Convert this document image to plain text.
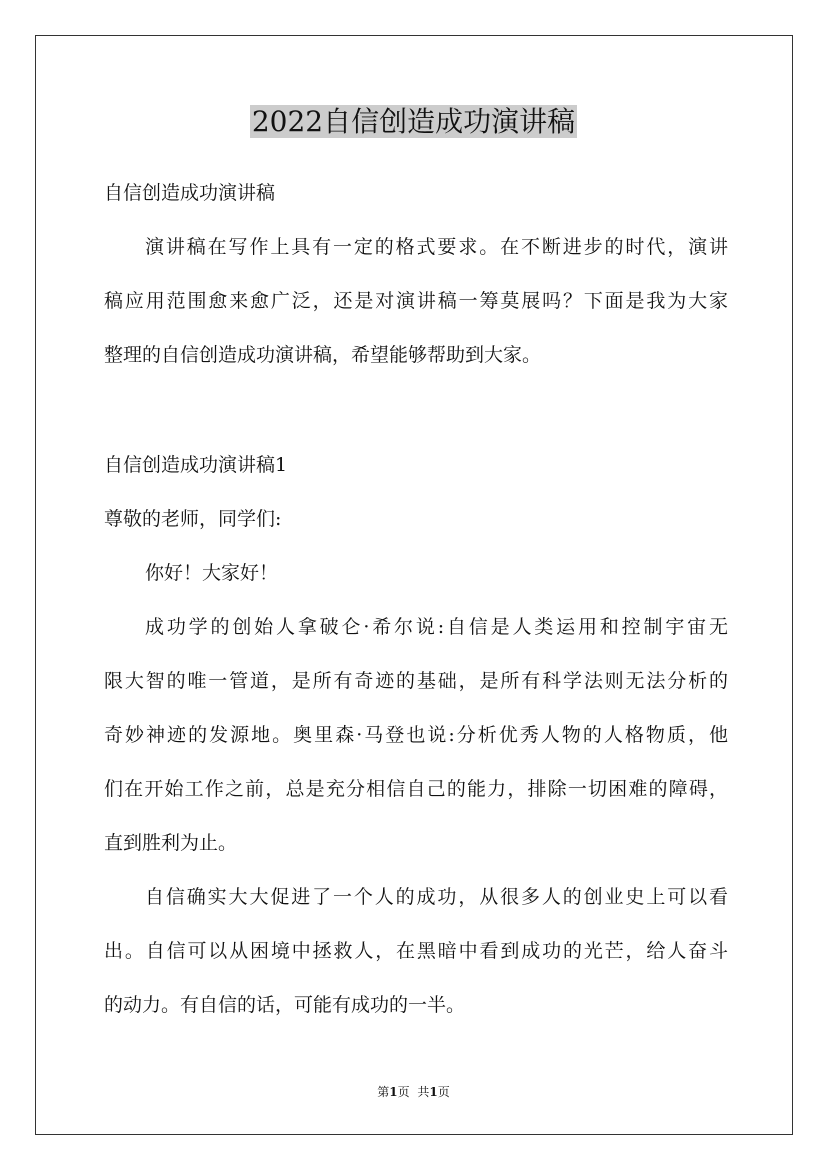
2022自信创造成功演讲稿

自信创造成功演讲稿

演讲稿在写作上具有一定的格式要求。在不断进步的时代，演讲

稿应用范围愈来愈广泛，还是对演讲稿一筹莫展吗？下面是我为大家

整理的自信创造成功演讲稿，希望能够帮助到大家。

自信创造成功演讲稿1

尊敬的老师，同学们:

你好！大家好！

成功学的创始人拿破仑·希尔说:自信是人类运用和控制宇宙无

限大智的唯一管道，是所有奇迹的基础，是所有科学法则无法分析的

奇妙神迹的发源地。奥里森·马登也说:分析优秀人物的人格物质，他

们在开始工作之前，总是充分相信自己的能力，排除一切困难的障碍，

直到胜利为止。

自信确实大大促进了一个人的成功，从很多人的创业史上可以看

出。自信可以从困境中拯救人，在黑暗中看到成功的光芒，给人奋斗

的动力。有自信的话，可能有成功的一半。

第1页 共1页
